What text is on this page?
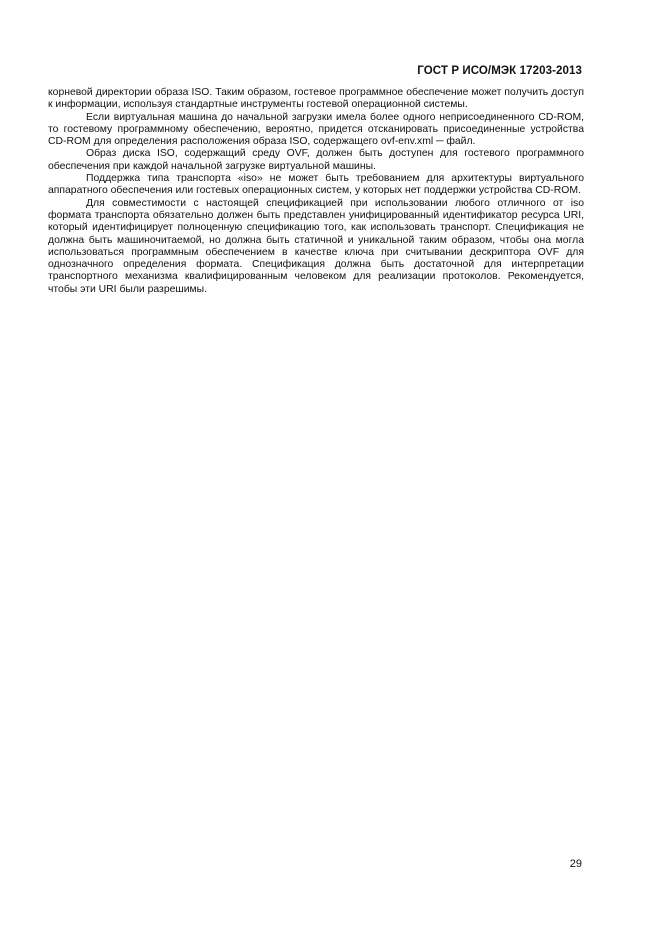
ГОСТ Р ИСО/МЭК 17203-2013

корневой директории образа ISO. Таким образом, гостевое программное обеспечение может получить доступ к информации, используя стандартные инструменты гостевой операционной системы.

Если виртуальная машина до начальной загрузки имела более одного неприсоединенного CD-ROM, то гостевому программному обеспечению, вероятно, придется отсканировать присоединенные устройства CD-ROM для определения расположения образа ISO, содержащего ovf-env.xml ─ файл.

Образ диска ISO, содержащий среду OVF, должен быть доступен для гостевого программного обеспечения при каждой начальной загрузке виртуальной машины.

Поддержка типа транспорта «iso» не может быть требованием для архитектуры виртуального аппаратного обеспечения или гостевых операционных систем, у которых нет поддержки устройства CD-ROM.

Для совместимости с настоящей спецификацией при использовании любого отличного от iso формата транспорта обязательно должен быть представлен унифицированный идентификатор ресурса URI, который идентифицирует полноценную спецификацию того, как использовать транспорт. Спецификация не должна быть машиночитаемой, но должна быть статичной и уникальной таким образом, чтобы она могла использоваться программным обеспечением в качестве ключа при считывании дескриптора OVF для однозначного определения формата. Спецификация должна быть достаточной для интерпретации транспортного механизма квалифицированным человеком для реализации протоколов. Рекомендуется, чтобы эти URI были разрешимы.

29
